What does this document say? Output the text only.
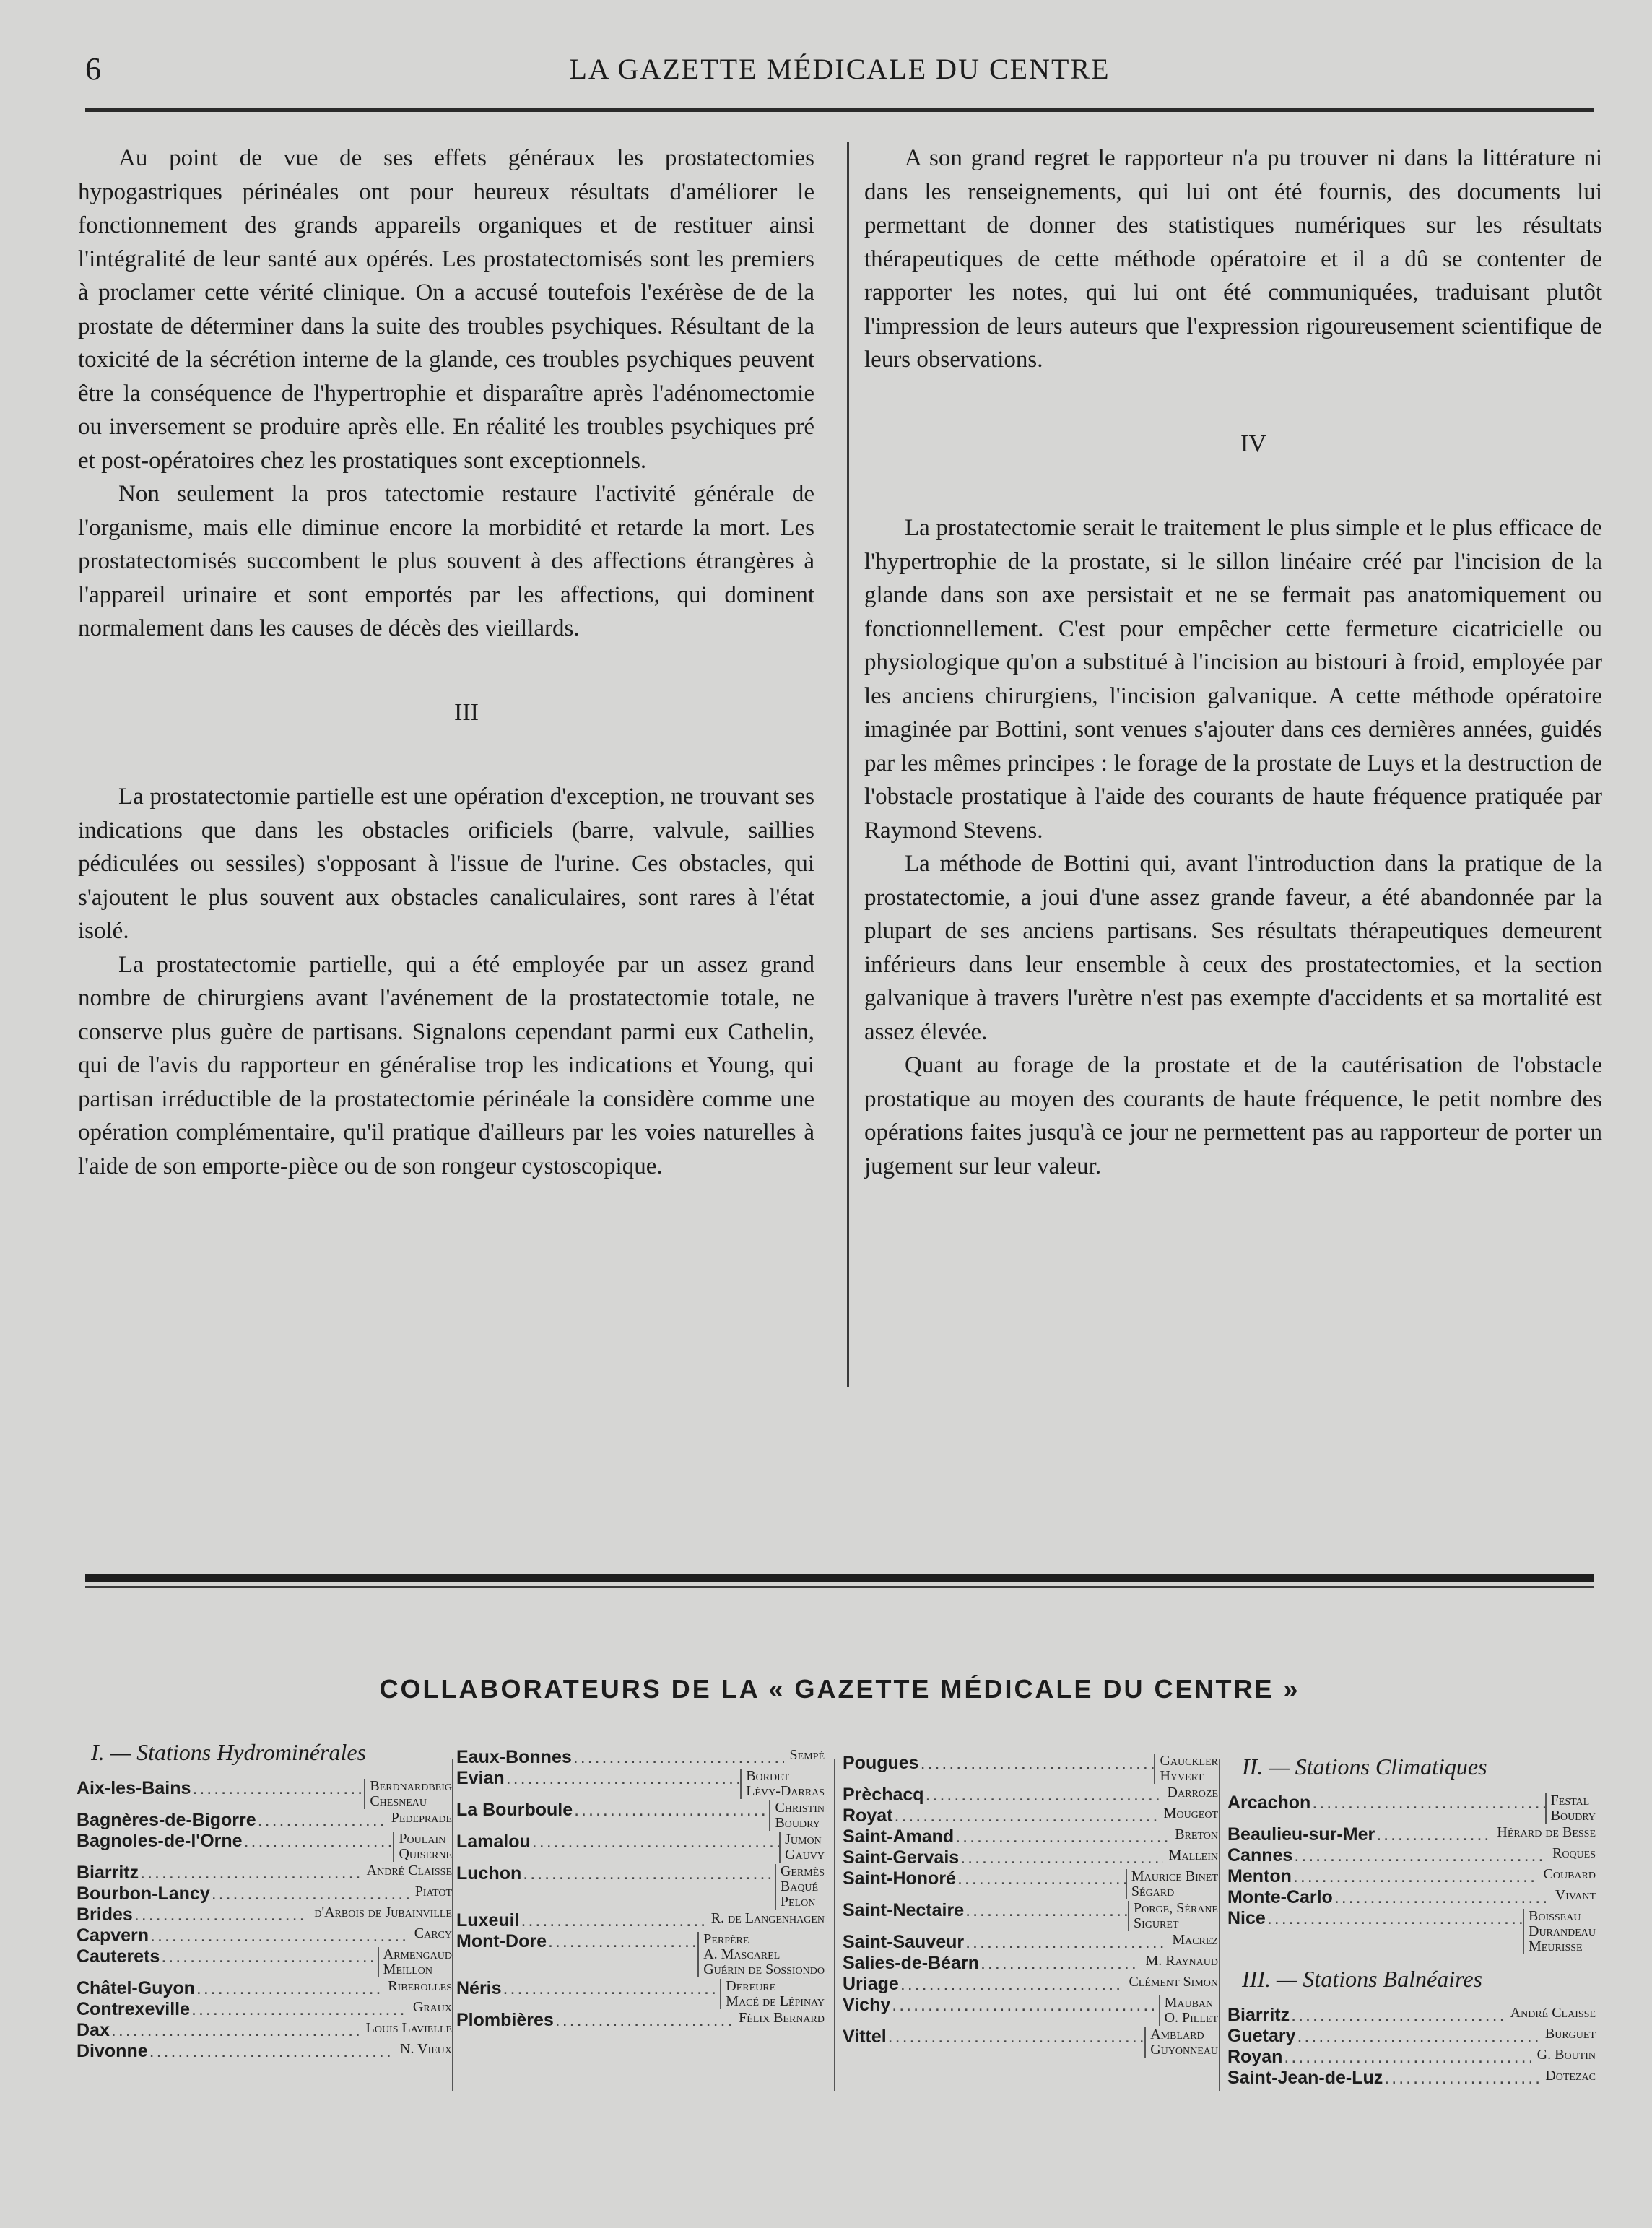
6	LA GAZETTE MÉDICALE DU CENTRE

Au point de vue de ses effets généraux les prostatectomies hypogastriques périnéales ont pour heureux résultats d'améliorer le fonctionnement des grands appareils organiques et de restituer ainsi l'intégralité de leur santé aux opérés. Les prostatectomisés sont les premiers à proclamer cette vérité clinique. On a accusé toutefois l'exérèse de de la prostate de déterminer dans la suite des troubles psychiques. Résultant de la toxicité de la sécrétion interne de la glande, ces troubles psychiques peuvent être la conséquence de l'hypertrophie et disparaître après l'adénomectomie ou inversement se produire après elle. En réalité les troubles psychiques pré et post-opératoires chez les prostatiques sont exceptionnels.

Non seulement la pros tatectomie restaure l'activité générale de l'organisme, mais elle diminue encore la morbidité et retarde la mort. Les prostatectomisés succombent le plus souvent à des affections étrangères à l'appareil urinaire et sont emportés par les affections, qui dominent normalement dans les causes de décès des vieillards.

III

La prostatectomie partielle est une opération d'exception, ne trouvant ses indications que dans les obstacles orificiels (barre, valvule, saillies pédiculées ou sessiles) s'opposant à l'issue de l'urine. Ces obstacles, qui s'ajoutent le plus souvent aux obstacles canaliculaires, sont rares à l'état isolé.

La prostatectomie partielle, qui a été employée par un assez grand nombre de chirurgiens avant l'avénement de la prostatectomie totale, ne conserve plus guère de partisans. Signalons cependant parmi eux Cathelin, qui de l'avis du rapporteur en généralise trop les indications et Young, qui partisan irréductible de la prostatectomie périnéale la considère comme une opération complémentaire, qu'il pratique d'ailleurs par les voies naturelles à l'aide de son emporte-pièce ou de son rongeur cystoscopique.

A son grand regret le rapporteur n'a pu trouver ni dans la littérature ni dans les renseignements, qui lui ont été fournis, des documents lui permettant de donner des statistiques numériques sur les résultats thérapeutiques de cette méthode opératoire et il a dû se contenter de rapporter les notes, qui lui ont été communiquées, traduisant plutôt l'impression de leurs auteurs que l'expression rigoureusement scientifique de leurs observations.

IV

La prostatectomie serait le traitement le plus simple et le plus efficace de l'hypertrophie de la prostate, si le sillon linéaire créé par l'incision de la glande dans son axe persistait et ne se fermait pas anatomiquement ou fonctionnellement. C'est pour empêcher cette fermeture cicatricielle ou physiologique qu'on a substitué à l'incision au bistouri à froid, employée par les anciens chirurgiens, l'incision galvanique. A cette méthode opératoire imaginée par Bottini, sont venues s'ajouter dans ces dernières années, guidés par les mêmes principes : le forage de la prostate de Luys et la destruction de l'obstacle prostatique à l'aide des courants de haute fréquence pratiquée par Raymond Stevens.

La méthode de Bottini qui, avant l'introduction dans la pratique de la prostatectomie, a joui d'une assez grande faveur, a été abandonnée par la plupart de ses anciens partisans. Ses résultats thérapeutiques demeurent inférieurs dans leur ensemble à ceux des prostatectomies, et la section galvanique à travers l'urètre n'est pas exempte d'accidents et sa mortalité est assez élevée.

Quant au forage de la prostate et de la cautérisation de l'obstacle prostatique au moyen des courants de haute fréquence, le petit nombre des opérations faites jusqu'à ce jour ne permettent pas au rapporteur de porter un jugement sur leur valeur.

COLLABORATEURS DE LA « GAZETTE MÉDICALE DU CENTRE »
I. — Stations Hydrominérales
Aix-les-Bains .....	Berdnardbeig
Chesneau
Bagnères-de-Bigorre .....	Pedeprade
Bagnoles-de-l'Orne .....	Poulain
Quiserne
Biarritz .....	André Claisse
Bourbon-Lancy .....	Piatot
Brides .....	d'Arbois de Jubainville
Capvern .....	Carcy
Cauterets .....	Armengaud
Meillon
Châtel-Guyon .....	Riberolles
Contrexeville .....	Graux
Dax .....	Louis Lavielle
Divonne .....	N. Vieux
Eaux-Bonnes .....	Sempé
Evian .....	Bordet
Lévy-Darras
La Bourboule .....	Christin
Boudry
Lamalou .....	Jumon
Gauvy
Luchon .....	Germès
Baqué
Pelon
Luxeuil .....	R. de Langenhagen
Mont-Dore .....	Perpère
A. Mascarel
Guérin de Sossiondo
Néris .....	Dereure
Macé de Lépinay
Plombières .....	Félix Bernard
Pougues .....	Gauckler
Hyvert
Prèchacq .....	Darroze
Royat .....	Mougeot
Saint-Amand .....	Breton
Saint-Gervais .....	Mallein
Saint-Honoré .....	Maurice Binet
Ségard
Saint-Nectaire .....	Porge, Sérane
Siguret
Saint-Sauveur .....	Macrez
Salies-de-Béarn .....	M. Raynaud
Uriage .....	Clément Simon
Vichy .....	Mauban
O. Pillet
Vittel .....	Amblard
Guyonneau
II. — Stations Climatiques
Arcachon .....	Festal
Boudry
Beaulieu-sur-Mer .....	Hérard de Besse
Cannes .....	Roques
Menton .....	Coubard
Monte-Carlo .....	Vivant
Nice .....	Boisseau
Durandeau
Meurisse
III. — Stations Balnéaires
Biarritz .....	André Claisse
Guetary .....	Burguet
Royan .....	G. Boutin
Saint-Jean-de-Luz .....	Dotezac
